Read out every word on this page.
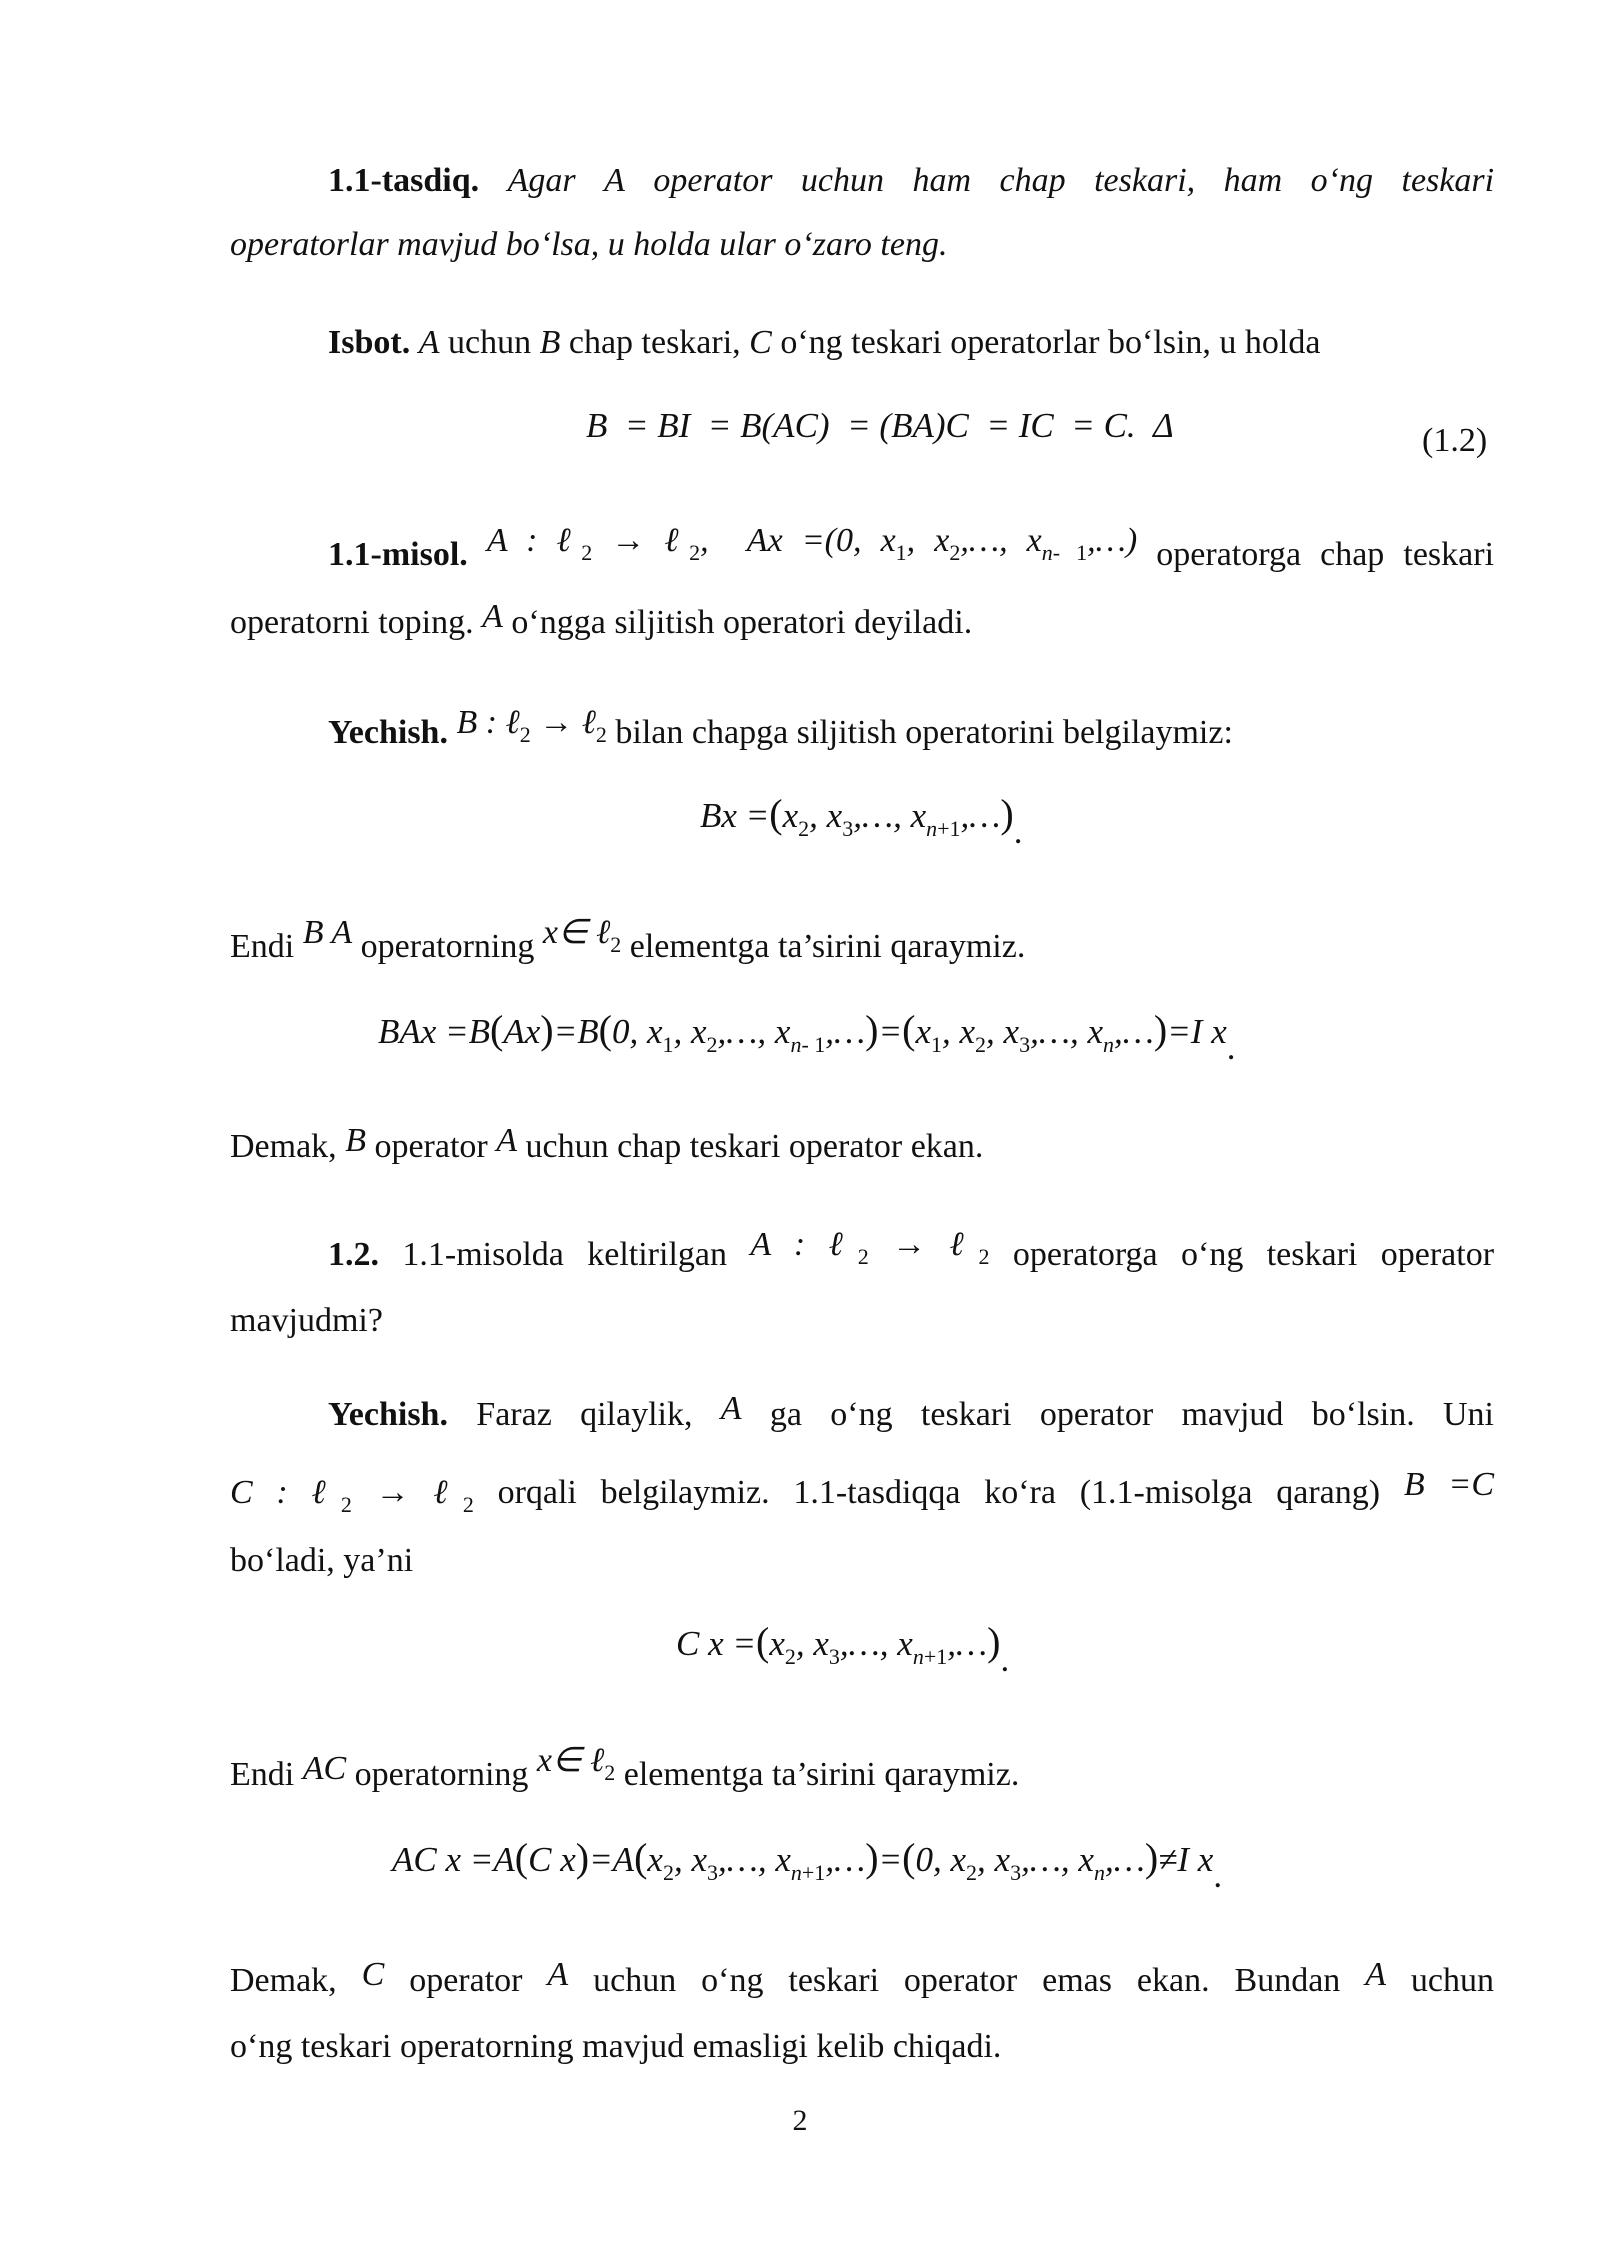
1.1-tasdiq. Agar A operator uchun ham chap teskari, ham o‘ng teskari

operatorlar mavjud bo‘lsa, u holda ular o‘zaro teng.

Isbot. A uchun B chap teskari, C o‘ng teskari operatorlar bo‘lsin, u holda

B  = BI  = B(AC)  = (BA)C  = IC  = C.  Δ	(1.2)

1.1-misol. A : ℓ$_2$ → ℓ$_2$,  Ax =(0, $x_1$, $x_2,\dots$, $x_{n- 1},\dots$) operatorga chap teskari

operatorni toping. A o‘ngga siljitish operatori deyiladi.

Yechish. B : ℓ$_2$ → ℓ$_2$ bilan chapga siljitish operatorini belgilaymiz:

$Bx =(x_2$, $x_3,\dots$, $x_{n+1},\dots$).

Endi B A operatorning x∈ ℓ$_2$ elementga ta’sirini qaraymiz.

BAx =B(Ax)=B(0, $x_1$, $x_2,\dots$, $x_{n- 1},\dots)=(x_1$, $x_2$, $x_3,\dots$, $x_n,\dots)=I$ x.

Demak, B operator A uchun chap teskari operator ekan.

1.2. 1.1-misolda keltirilgan A : ℓ$_2$ → ℓ$_2$ operatorga o‘ng teskari operator

mavjudmi?

Yechish. Faraz qilaylik, A ga o‘ng teskari operator mavjud bo‘lsin. Uni

C : ℓ$_2$ → ℓ$_2$ orqali belgilaymiz. 1.1-tasdiqqa ko‘ra (1.1-misolga qarang) B =C

bo‘ladi, ya’ni

C $x =(x_2$, $x_3,\dots$, $x_{n+1},\dots$).

Endi AC operatorning x∈ ℓ$_2$ elementga ta’sirini qaraymiz.

AC x =A(C $x)=A(x_2$, $x_3,\dots$, $x_{n+1},\dots)=(0$, $x_2$, $x_3,\dots$, $x_n,\dots)\ne I$ x.

Demak, C operator A uchun o‘ng teskari operator emas ekan. Bundan A uchun

o‘ng teskari operatorning mavjud emasligi kelib chiqadi.

2
